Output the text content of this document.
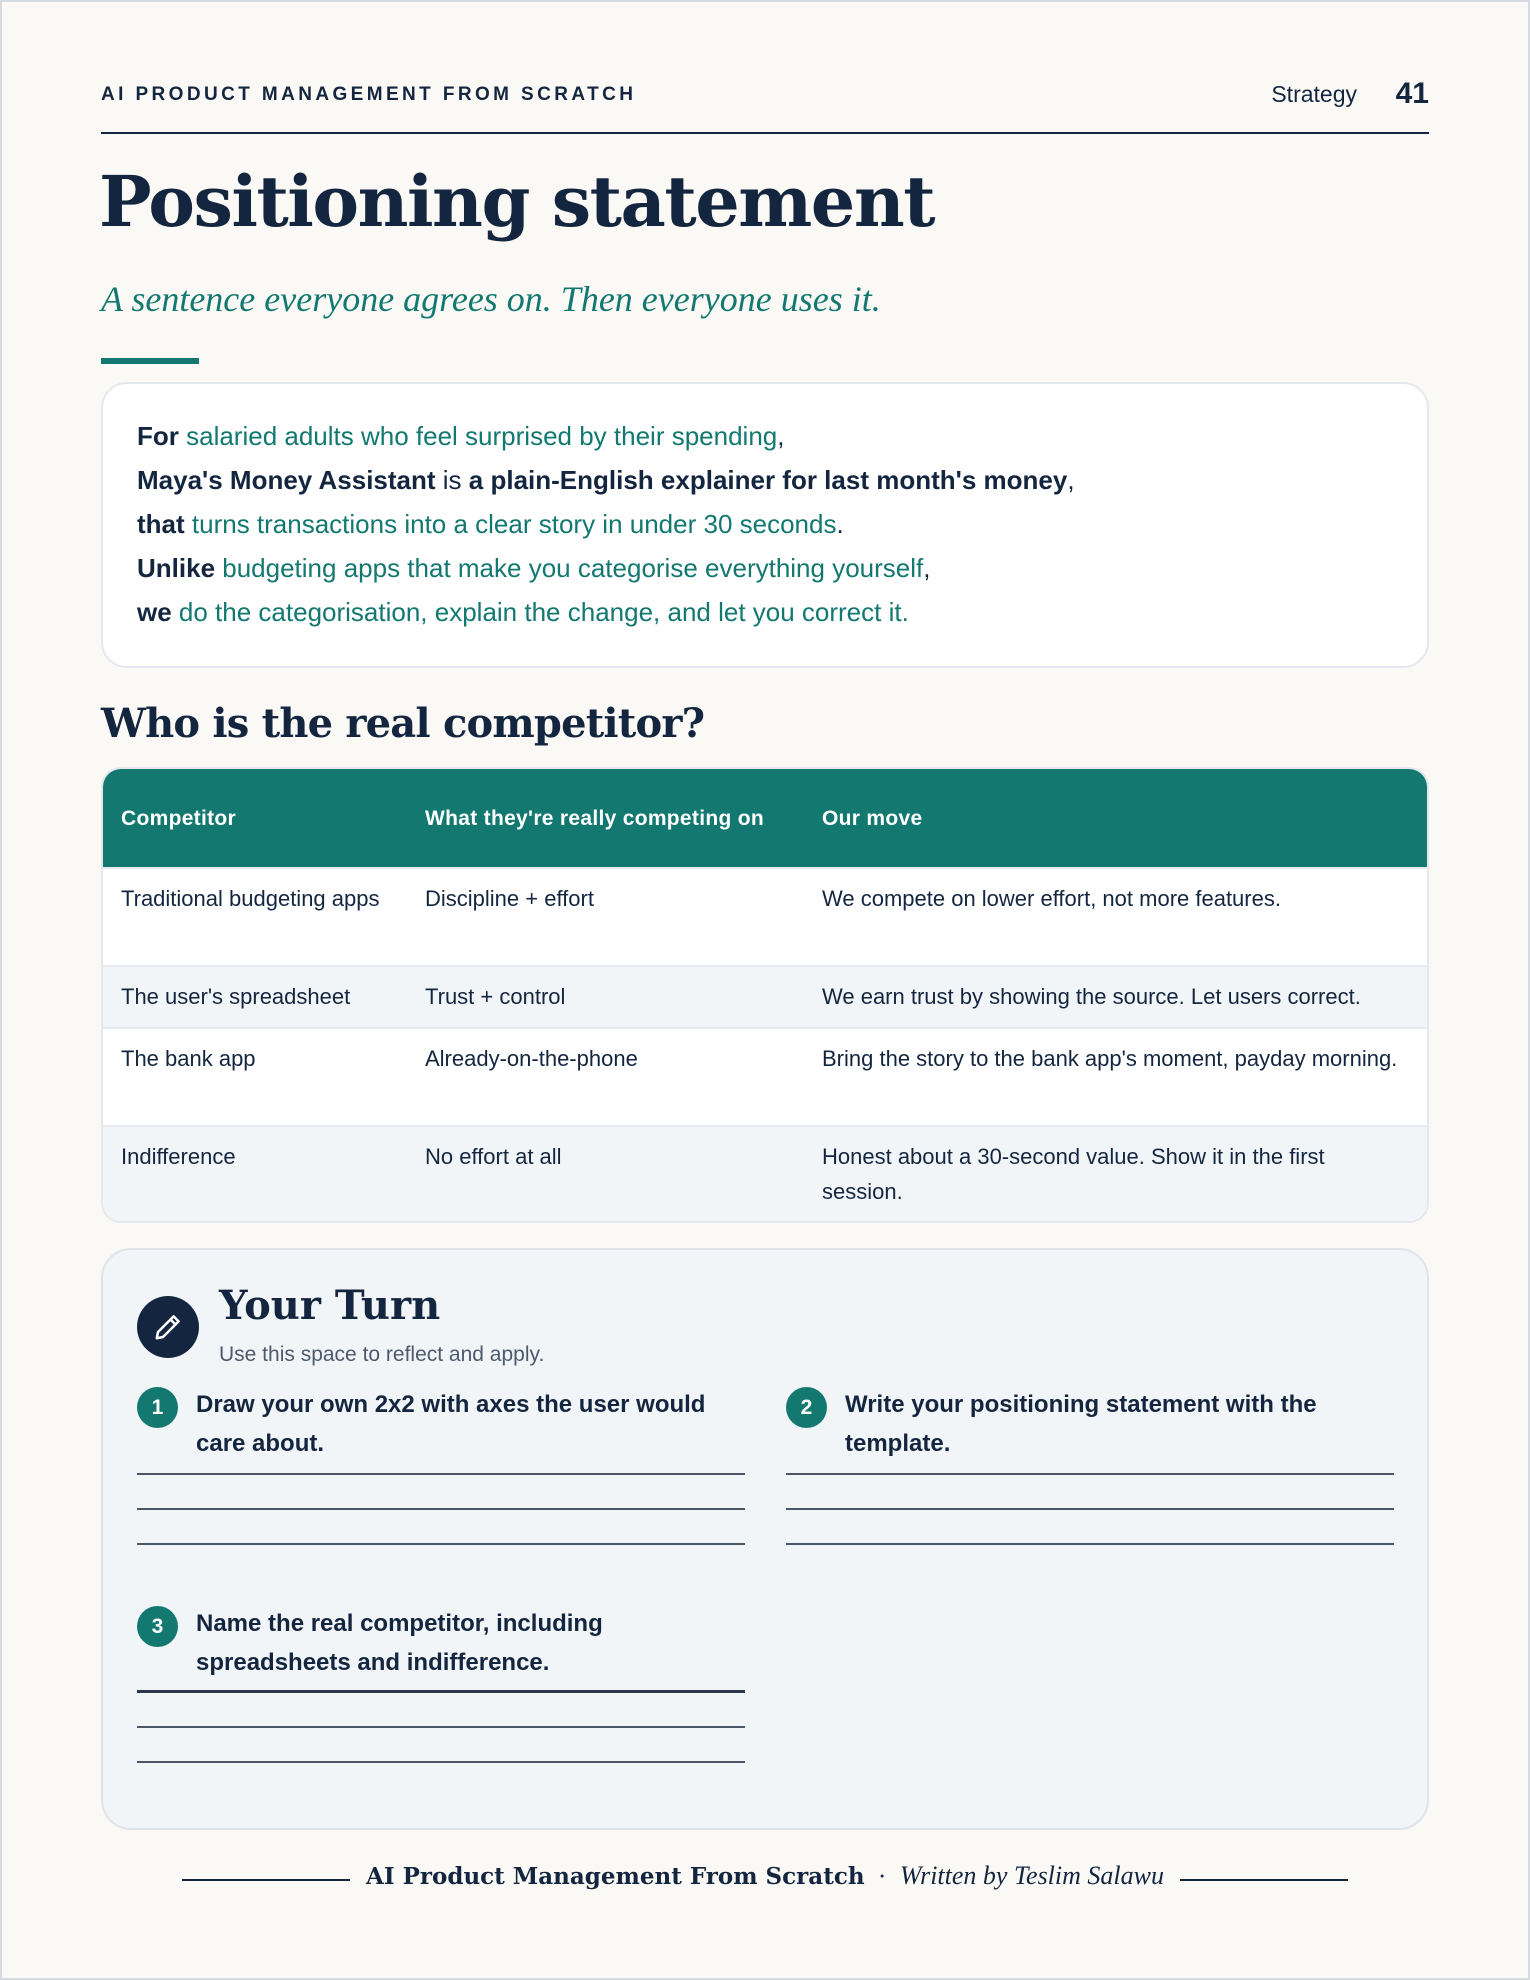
AI PRODUCT MANAGEMENT FROM SCRATCH	Strategy 41
Positioning statement

A sentence everyone agrees on. Then everyone uses it.

For salaried adults who feel surprised by their spending,
Maya's Money Assistant is a plain-English explainer for last month's money,
that turns transactions into a clear story in under 30 seconds.
Unlike budgeting apps that make you categorise everything yourself,
we do the categorisation, explain the change, and let you correct it.
Who is the real competitor?
Competitor	What they're really competing on	Our move
Traditional budgeting apps	Discipline + effort	We compete on lower effort, not more features.
The user's spreadsheet	Trust + control	We earn trust by showing the source. Let users correct.
The bank app	Already-on-the-phone	Bring the story to the bank app's moment, payday morning.
Indifference	No effort at all	Honest about a 30-second value. Show it in the first session.
Your Turn

Use this space to reflect and apply.

1	Draw your own 2x2 with axes the user would care about.
2	Write your positioning statement with the template.
3	Name the real competitor, including spreadsheets and indifference.
AI Product Management From Scratch · Written by Teslim Salawu
